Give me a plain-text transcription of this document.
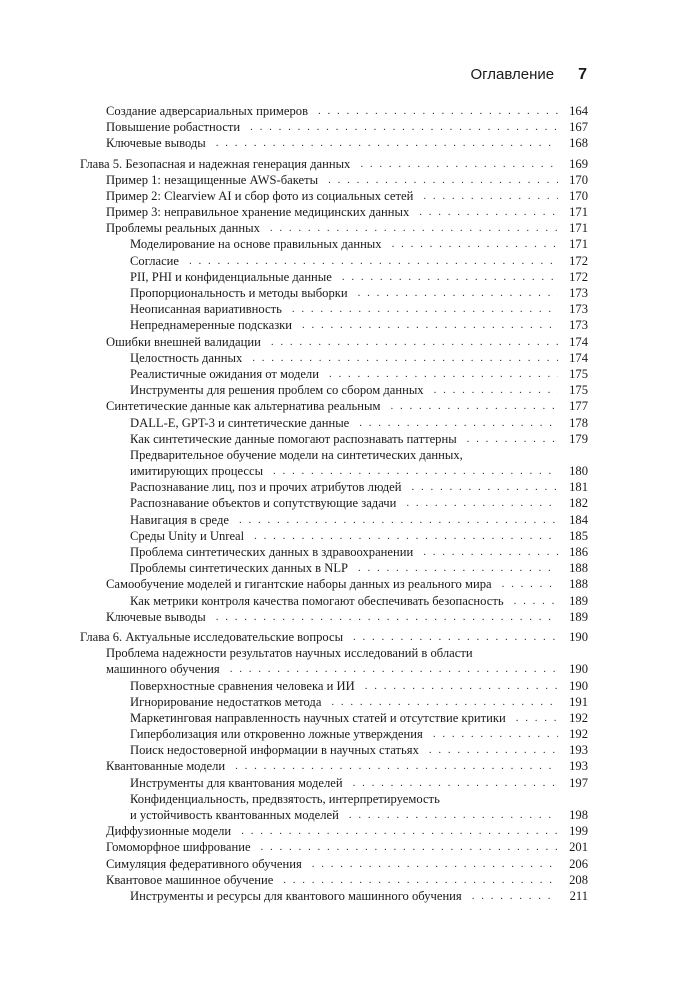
Оглавление 7
Создание адверсариальных примеров . . .	164
Повышение робастности . . .	167
Ключевые выводы . . .	168
Глава 5. Безопасная и надежная генерация данных . . .	169
Пример 1: незащищенные AWS-бакеты . . .	170
Пример 2: Clearview AI и сбор фото из социальных сетей . . .	170
Пример 3: неправильное хранение медицинских данных . . .	171
Проблемы реальных данных . . .	171
Моделирование на основе правильных данных . . .	171
Согласие . . .	172
PII, PHI и конфиденциальные данные . . .	172
Пропорциональность и методы выборки . . .	173
Неописанная вариативность . . .	173
Непреднамеренные подсказки . . .	173
Ошибки внешней валидации . . .	174
Целостность данных . . .	174
Реалистичные ожидания от модели . . .	175
Инструменты для решения проблем со сбором данных . . .	175
Синтетические данные как альтернатива реальным . . .	177
DALL-E, GPT-3 и синтетические данные . . .	178
Как синтетические данные помогают распознавать паттерны . . .	179
Предварительное обучение модели на синтетических данных,
имитирующих процессы . . .	180
Распознавание лиц, поз и прочих атрибутов людей . . .	181
Распознавание объектов и сопутствующие задачи . . .	182
Навигация в среде . . .	184
Среды Unity и Unreal . . .	185
Проблема синтетических данных в здравоохранении . . .	186
Проблемы синтетических данных в NLP . . .	188
Самообучение моделей и гигантские наборы данных из реального мира . . .	188
Как метрики контроля качества помогают обеспечивать безопасность . . .	189
Ключевые выводы . . .	189
Глава 6. Актуальные исследовательские вопросы . . .	190
Проблема надежности результатов научных исследований в области
машинного обучения . . .	190
Поверхностные сравнения человека и ИИ . . .	190
Игнорирование недостатков метода . . .	191
Маркетинговая направленность научных статей и отсутствие критики . . .	192
Гиперболизация или откровенно ложные утверждения . . .	192
Поиск недостоверной информации в научных статьях . . .	193
Квантованные модели . . .	193
Инструменты для квантования моделей . . .	197
Конфиденциальность, предвзятость, интерпретируемость
и устойчивость квантованных моделей . . .	198
Диффузионные модели . . .	199
Гомоморфное шифрование . . .	201
Симуляция федеративного обучения . . .	206
Квантовое машинное обучение . . .	208
Инструменты и ресурсы для квантового машинного обучения . . .	211
